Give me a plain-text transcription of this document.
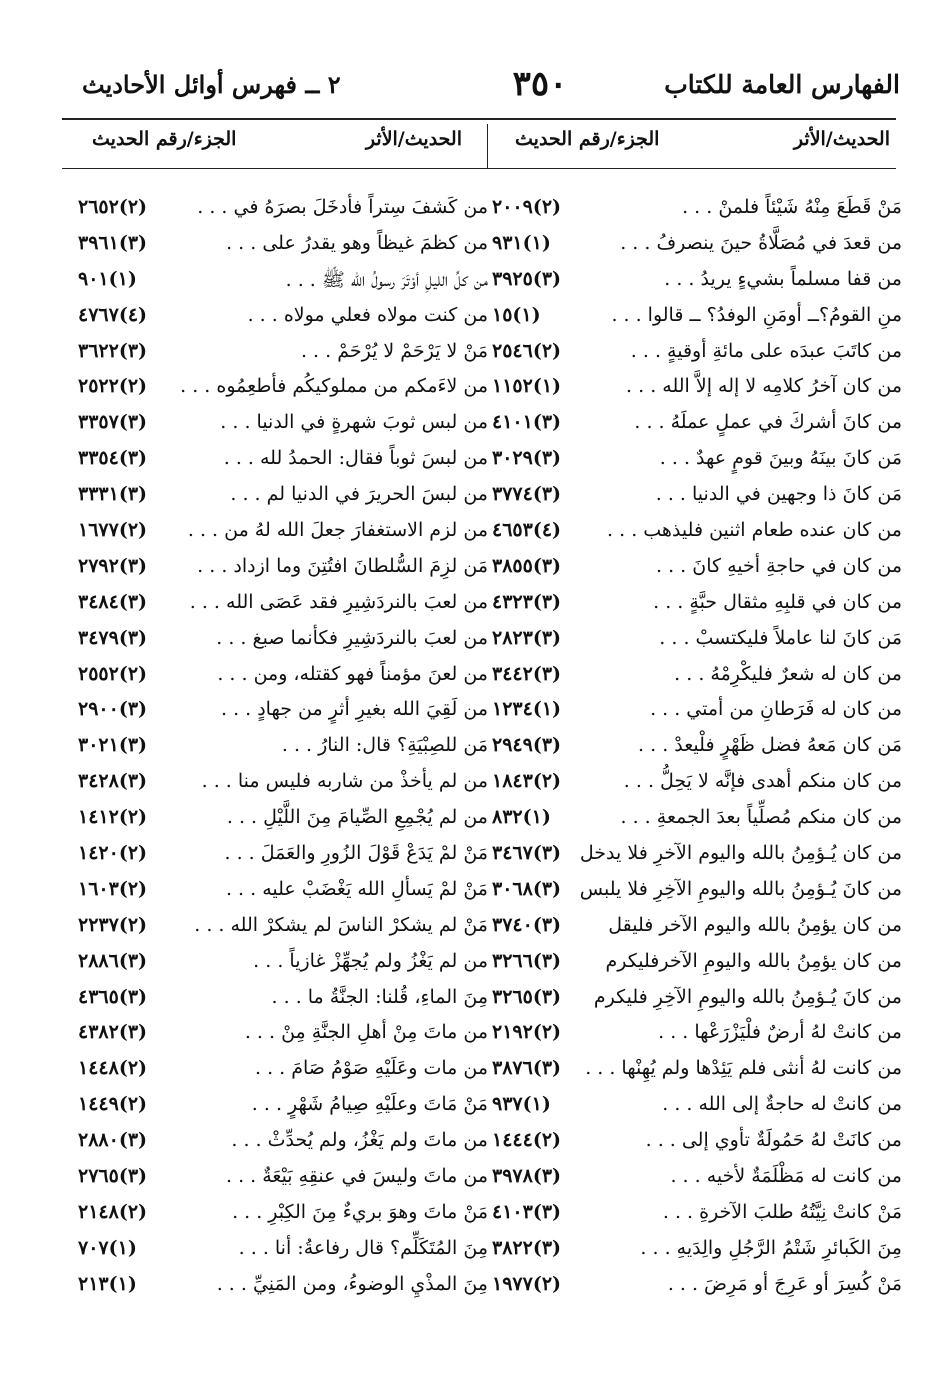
الفهارس العامة للكتاب
٣٥٠
٢ ــ فهرس أوائل الأحاديث
الحديث/الأثر
الجزء/رقم الحديث
الحديث/الأثر
الجزء/رقم الحديث
مَنْ قَطَعَ مِنْهُ شَيْئاً فلمنْ . . .
(٢)٢٠٠٩
من قعدَ في مُصَلَّاةُ حينَ ينصرفُ . . .
(١)٩٣١
من قفا مسلماً بشيءٍ يريدُ . . .
(٣)٣٩٢٥
منِ القومُ؟ــ أومَنِ الوفدُ؟ ــ قالوا . . .
(١)١٥
من كاتَبَ عبدَه على مائةِ أوقيةٍ . . .
(٢)٢٥٤٦
من كان آخرُ كلامِه لا إله إلاَّ الله . . .
(١)١١٥٢
من كانَ أشركَ في عملٍ عملَهُ . . .
(٣)٤١٠١
مَن كانَ بينَهُ وبينَ قومٍ عهدٌ . . .
(٣)٣٠٢٩
مَن كانَ ذا وجهين في الدنيا . . .
(٣)٣٧٧٤
من كان عنده طعام اثنين فليذهب . . .
(٤)٤٦٥٣
من كان في حاجةِ أخيهِ كانَ . . .
(٣)٣٨٥٥
من كان في قلبِهِ مثقال حبَّةٍ . . .
(٣)٤٣٢٣
مَن كانَ لنا عاملاً فليكتسبْ . . .
(٣)٢٨٢٣
من كان له شعرٌ فليكْرِمْهُ . . .
(٣)٣٤٤٢
من كان له فَرَطانِ من أمتي . . .
(١)١٢٣٤
مَن كان مَعهُ فضل ظَهْرٍ فلْيعدْ . . .
(٣)٢٩٤٩
من كان منكم أهدى فإنَّه لا يَحِلُّ . . .
(٢)١٨٤٣
من كان منكم مُصلِّياً بعدَ الجمعةِ . . .
(١)٨٣٢
من كان يُـؤمِنُ بالله واليوم الآخرِ فلا يدخل
(٣)٣٤٦٧
من كانَ يُـؤمِنُ بالله واليومِ الآخِرِ فلا يلبس
(٣)٣٠٦٨
من كان يؤمِنُ بالله واليوم الآخر فليقل
(٣)٣٧٤٠
من كان يؤمِنُ بالله واليومِ الآخرفليكرم
(٣)٣٢٦٦
من كانَ يُـؤمِنُ بالله واليومِ الآخِرِ فليكرم
(٣)٣٢٦٥
من كانتْ لهُ أرضٌ فلْيَزْرَعْها . . .
(٢)٢١٩٢
من كانت لهُ أنثى فلم يَئِدْها ولم يُهِنْها . . .
(٣)٣٨٧٦
من كانتْ له حاجةٌ إلى الله . . .
(١)٩٣٧
من كانَتْ لهُ حَمُولَةٌ تأوي إلى . . .
(٢)١٤٤٤
من كانت له مَظْلَمَةٌ لأخيه . . .
(٣)٣٩٧٨
مَنْ كانتْ نِيَّتُهُ طلبَ الآخرةِ . . .
(٣)٤١٠٣
مِنَ الكَبائرِ شَتْمُ الرَّجُلِ والِدَيهِ . . .
(٣)٣٨٢٢
مَنْ كُسِرَ أو عَرِجَ أو مَرِضَ . . .
(٢)١٩٧٧
من كَشفَ سِتراً فأدخَلَ بصرَهُ في . . .
(٢)٢٦٥٢
من كظمَ غيظاً وهو يقدرُ على . . .
(٣)٣٩٦١
من كلِّ الليلِ أوْتَرَ رسولُ الله ﷺ . . .
(١)٩٠١
من كنت مولاه فعلي مولاه . . .
(٤)٤٧٦٧
مَنْ لا يَرْحَمْ لا يُرْحَمْ . . .
(٣)٣٦٢٢
من لاءَمكم من مملوكيكُم فأطعِمُوه . . .
(٢)٢٥٢٢
من لبس ثوبَ شهرةٍ في الدنيا . . .
(٣)٣٣٥٧
من لبسَ ثوباً فقال: الحمدُ لله . . .
(٣)٣٣٥٤
من لبسَ الحريرَ في الدنيا لم . . .
(٣)٣٣٣١
من لزم الاستغفارَ جعلَ الله لهُ من . . .
(٢)١٦٧٧
مَن لزِمَ السُّلطانَ افتُتِنَ وما ازداد . . .
(٣)٢٧٩٢
من لعبَ بالنردَشِيرِ فقد عَصَى الله . . .
(٣)٣٤٨٤
من لعبَ بالنردَشِيرِ فكأنما صبغ . . .
(٣)٣٤٧٩
من لعنَ مؤمناً فهو كقتله، ومن . . .
(٢)٢٥٥٢
من لَقِيَ الله بغيرِ أثرٍ من جهادٍ . . .
(٣)٢٩٠٠
مَن للصِبْيَةِ؟ قال: النارُ . . .
(٣)٣٠٢١
من لم يأخذْ من شاربه فليس منا . . .
(٣)٣٤٢٨
من لم يُجْمِعِ الصِّيامَ مِنَ اللَّيْلِ . . .
(٢)١٤١٢
مَنْ لمْ يَدَعْ قَوْلَ الزُورِ والعَمَلَ . . .
(٢)١٤٢٠
مَنْ لمْ يَسألِ الله يَغْضَبْ عليه . . .
(٢)١٦٠٣
مَنْ لم يشكرْ الناسَ لم يشكرْ الله . . .
(٢)٢٢٣٧
من لم يَغْزُ ولم يُجهِّزْ غازياً . . .
(٣)٢٨٨٦
مِنَ الماءِ، قُلنا: الجنَّةُ ما . . .
(٣)٤٣٦٥
من ماتَ مِنْ أهلِ الجنَّةِ مِنْ . . .
(٣)٤٣٨٢
من مات وعَلَيْهِ صَوْمُ صَامَ . . .
(٢)١٤٤٨
مَنْ مَاتَ وعلَيْهِ صِيامُ شَهْرٍ . . .
(٢)١٤٤٩
من ماتَ ولم يَغْزُ، ولم يُحدِّثْ . . .
(٣)٢٨٨٠
من ماتَ وليسَ في عنقِهِ بَيْعَةٌ . . .
(٣)٢٧٦٥
مَنْ ماتَ وهوَ بريءٌ مِنَ الكِبْرِ . . .
(٢)٢١٤٨
مِنَ المُتَكَلِّم؟ قال رفاعةُ: أنا . . .
(١)٧٠٧
مِنَ المذْيِ الوضوءُ، ومن المَنِيِّ . . .
(١)٢١٣
